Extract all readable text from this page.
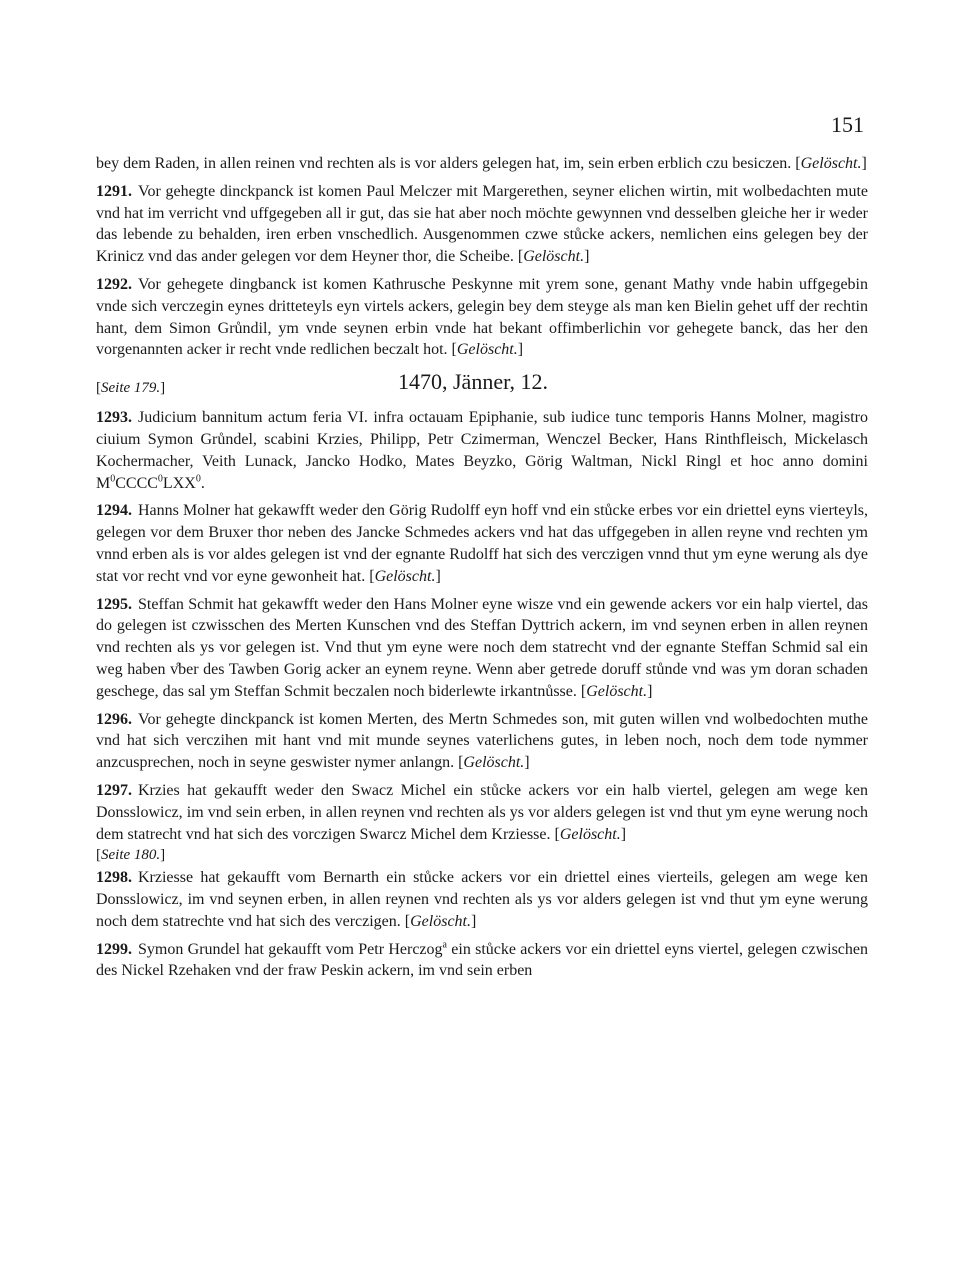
151

bey dem Raden, in allen reinen vnd rechten als is vor alders gelegen hat, im, sein erben erblich czu besiczen. [Gelöscht.]

1291. Vor gehegte dinckpanck ist komen Paul Melczer mit Margerethen, seyner elichen wirtin, mit wolbedachten mute vnd hat im verricht vnd uffgegeben all ir gut, das sie hat aber noch möchte gewynnen vnd desselben gleiche her ir weder das lebende zu behalden, iren erben vnschedlich. Ausgenommen czwe stůcke ackers, nemlichen eins gelegen bey der Krinicz vnd das ander gelegen vor dem Heyner thor, die Scheibe. [Gelöscht.]

1292. Vor gehegete dingbanck ist komen Kathrusche Peskynne mit yrem sone, genant Mathy vnde habin uffgegebin vnde sich verczegin eynes dritteteyls eyn virtels ackers, gelegin bey dem steyge als man ken Bielin gehet uff der rechtin hant, dem Simon Grůndil, ym vnde seynen erbin vnde hat bekant offimberlichin vor gehegete banck, das her den vorgenannten acker ir recht vnde redlichen beczalt hot. [Gelöscht.]

[Seite 179.]	1470, Jänner, 12.

1293. Judicium bannitum actum feria VI. infra octauam Epiphanie, sub iudice tunc temporis Hanns Molner, magistro ciuium Symon Grůndel, scabini Krzies, Philipp, Petr Czimerman, Wenczel Becker, Hans Rinthfleisch, Mickelasch Kochermacher, Veith Lunack, Jancko Hodko, Mates Beyzko, Görig Waltman, Nickl Ringl et hoc anno domini $M^0CCCC^0LXX^0$.

1294. Hanns Molner hat gekawfft weder den Görig Rudolff eyn hoff vnd ein stůcke erbes vor ein driettel eyns vierteyls, gelegen vor dem Bruxer thor neben des Jancke Schmedes ackers vnd hat das uffgegeben in allen reyne vnd rechten ym vnnd erben als is vor aldes gelegen ist vnd der egnante Rudolff hat sich des verczigen vnnd thut ym eyne werung als dye stat vor recht vnd vor eyne gewonheit hat. [Gelöscht.]

1295. Steffan Schmit hat gekawfft weder den Hans Molner eyne wisze vnd ein gewende ackers vor ein halp viertel, das do gelegen ist czwisschen des Merten Kunschen vnd des Steffan Dyttrich ackern, im vnd seynen erben in allen reynen vnd rechten als ys vor gelegen ist. Vnd thut ym eyne were noch dem statrecht vnd der egnante Steffan Schmid sal ein weg haben v̊ber des Tawben Gorig acker an eynem reyne. Wenn aber getrede doruff stůnde vnd was ym doran schaden geschege, das sal ym Steffan Schmit beczalen noch biderlewte irkantnůsse. [Gelöscht.]

1296. Vor gehegte dinckpanck ist komen Merten, des Mertn Schmedes son, mit guten willen vnd wolbedochten muthe vnd hat sich verczihen mit hant vnd mit munde seynes vaterlichens gutes, in leben noch, noch dem tode nymmer anzcusprechen, noch in seyne geswister nymer anlangn. [Gelöscht.]

1297. Krzies hat gekaufft weder den Swacz Michel ein stůcke ackers vor ein halb viertel, gelegen am wege ken Donsslowicz, im vnd sein erben, in allen reynen vnd rechten als ys vor alders gelegen ist vnd thut ym eyne werung noch dem statrecht vnd hat sich des vorczigen Swarcz Michel dem Krziesse. [Gelöscht.]

[Seite 180.]

1298. Krziesse hat gekaufft vom Bernarth ein stůcke ackers vor ein driettel eines vierteils, gelegen am wege ken Donsslowicz, im vnd seynen erben, in allen reynen vnd rechten als ys vor alders gelegen ist vnd thut ym eyne werung noch dem statrechte vnd hat sich des verczigen. [Gelöscht.]

1299. Symon Grundel hat gekaufft vom Petr Herczog$^a$ ein stůcke ackers vor ein driettel eyns viertel, gelegen czwischen des Nickel Rzehaken vnd der fraw Peskin ackern, im vnd sein erben
